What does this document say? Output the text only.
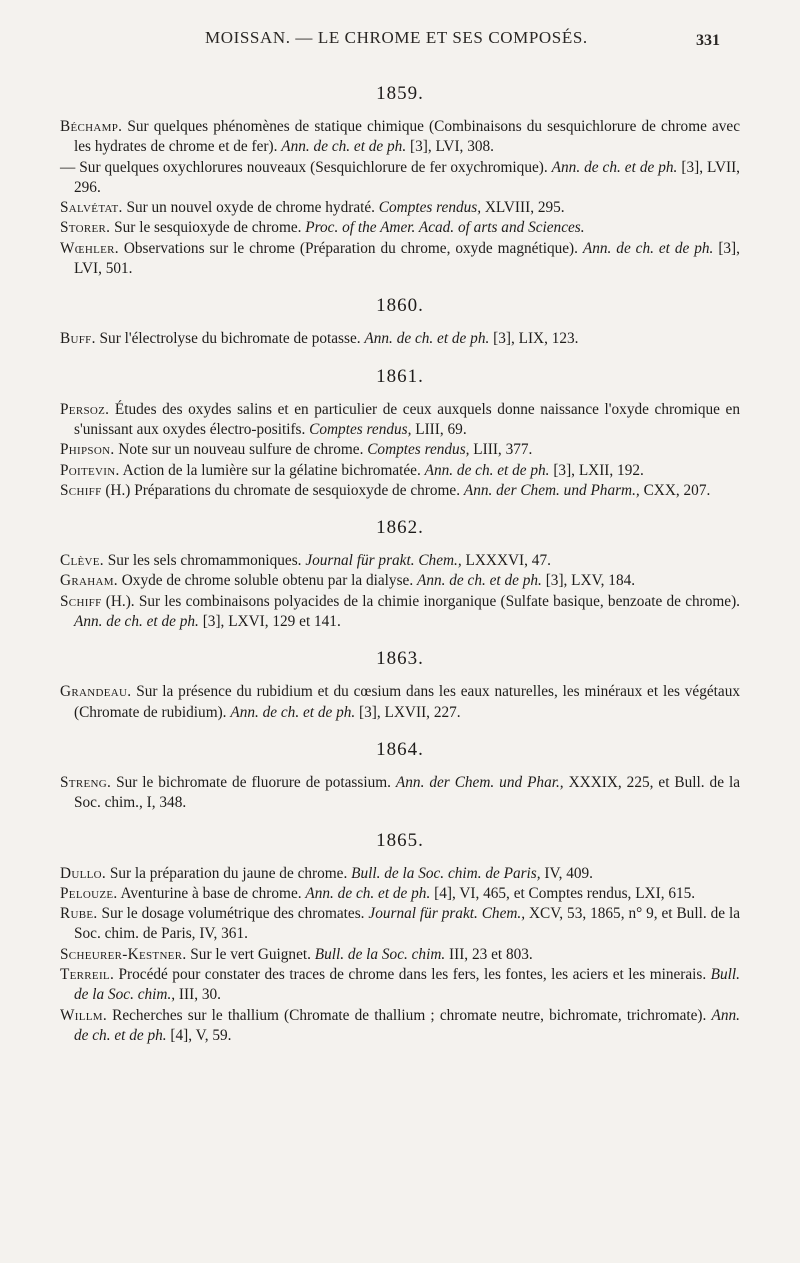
MOISSAN. — LE CHROME ET SES COMPOSÉS.	331
1859.

Béchamp. Sur quelques phénomènes de statique chimique (Combinaisons du sesquichlorure de chrome avec les hydrates de chrome et de fer). Ann. de ch. et de ph. [3], LVI, 308.

— Sur quelques oxychlorures nouveaux (Sesquichlorure de fer oxychromique). Ann. de ch. et de ph. [3], LVII, 296.

Salvétat. Sur un nouvel oxyde de chrome hydraté. Comptes rendus, XLVIII, 295.

Storer. Sur le sesquioxyde de chrome. Proc. of the Amer. Acad. of arts and Sciences.

Wœhler. Observations sur le chrome (Préparation du chrome, oxyde magnétique). Ann. de ch. et de ph. [3], LVI, 501.

1860.

Buff. Sur l'électrolyse du bichromate de potasse. Ann. de ch. et de ph. [3], LIX, 123.

1861.

Persoz. Études des oxydes salins et en particulier de ceux auxquels donne naissance l'oxyde chromique en s'unissant aux oxydes électro-positifs. Comptes rendus, LIII, 69.

Phipson. Note sur un nouveau sulfure de chrome. Comptes rendus, LIII, 377.

Poitevin. Action de la lumière sur la gélatine bichromatée. Ann. de ch. et de ph. [3], LXII, 192.

Schiff (H.) Préparations du chromate de sesquioxyde de chrome. Ann. der Chem. und Pharm., CXX, 207.

1862.

Clève. Sur les sels chromammoniques. Journal für prakt. Chem., LXXXVI, 47.

Graham. Oxyde de chrome soluble obtenu par la dialyse. Ann. de ch. et de ph. [3], LXV, 184.

Schiff (H.). Sur les combinaisons polyacides de la chimie inorganique (Sulfate basique, benzoate de chrome). Ann. de ch. et de ph. [3], LXVI, 129 et 141.

1863.

Grandeau. Sur la présence du rubidium et du cœsium dans les eaux naturelles, les minéraux et les végétaux (Chromate de rubidium). Ann. de ch. et de ph. [3], LXVII, 227.

1864.

Streng. Sur le bichromate de fluorure de potassium. Ann. der Chem. und Phar., XXXIX, 225, et Bull. de la Soc. chim., I, 348.

1865.

Dullo. Sur la préparation du jaune de chrome. Bull. de la Soc. chim. de Paris, IV, 409.

Pelouze. Aventurine à base de chrome. Ann. de ch. et de ph. [4], VI, 465, et Comptes rendus, LXI, 615.

Rube. Sur le dosage volumétrique des chromates. Journal für prakt. Chem., XCV, 53, 1865, n° 9, et Bull. de la Soc. chim. de Paris, IV, 361.

Scheurer-Kestner. Sur le vert Guignet. Bull. de la Soc. chim. III, 23 et 803.

Terreil. Procédé pour constater des traces de chrome dans les fers, les fontes, les aciers et les minerais. Bull. de la Soc. chim., III, 30.

Willm. Recherches sur le thallium (Chromate de thallium ; chromate neutre, bichromate, trichromate). Ann. de ch. et de ph. [4], V, 59.
